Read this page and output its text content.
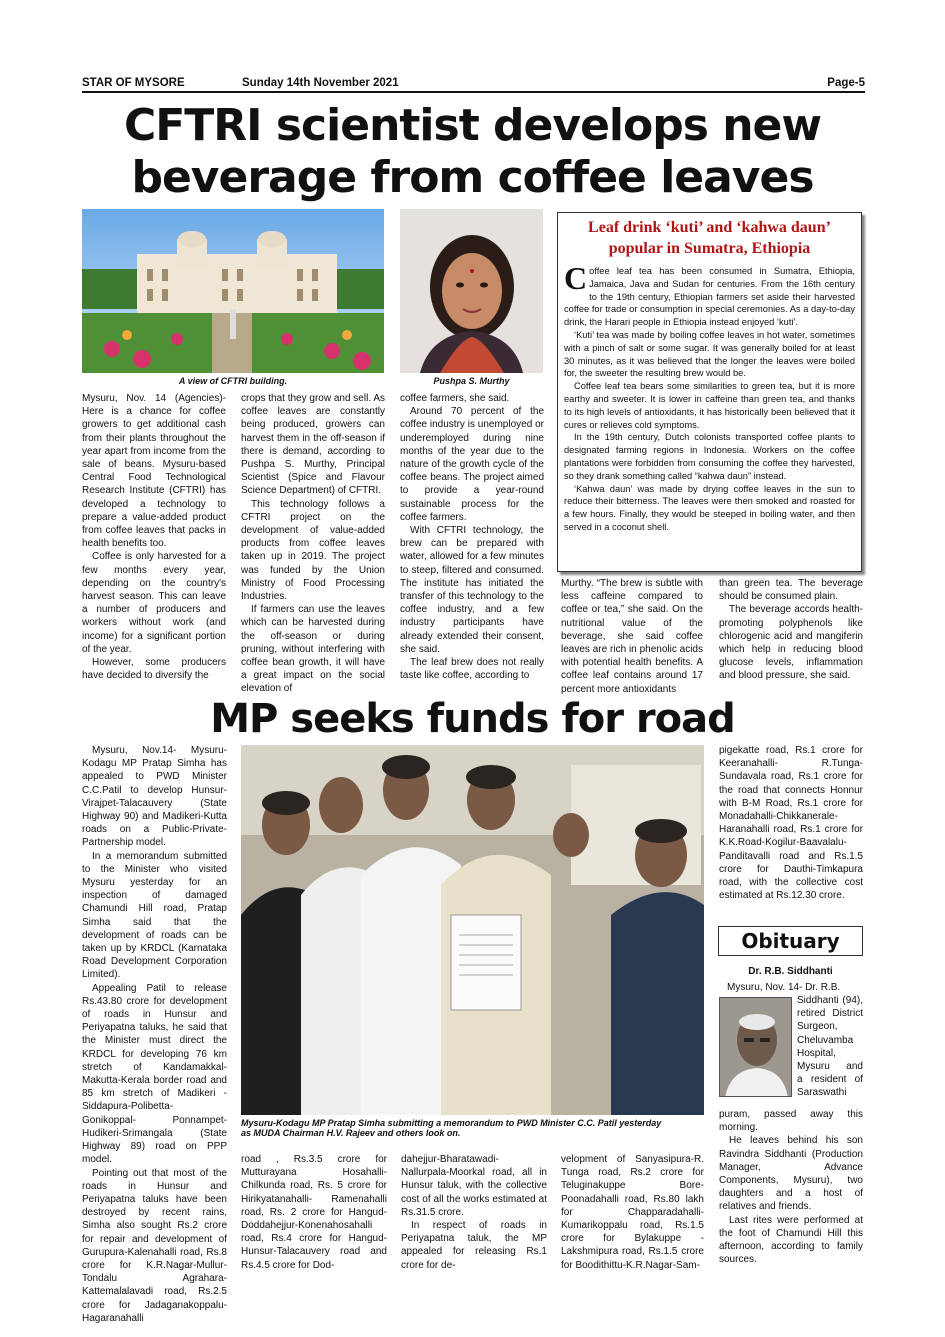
STAR OF MYSORE	Sunday 14th November 2021	Page-5
CFTRI scientist develops new
beverage from coffee leaves
A view of CFTRI building.	Pushpa S. Murthy

Mysuru, Nov. 14 (Agencies)- Here is a chance for coffee growers to get additional cash from their plants throughout the year apart from income from the sale of beans. Mysuru-based Central Food Technological Research Institute (CFTRI) has developed a technology to prepare a value-added product from coffee leaves that packs in health benefits too.

Coffee is only harvested for a few months every year, depending on the country's harvest season. This can leave a number of producers and workers without work (and income) for a significant portion of the year.

However, some producers have decided to diversify the

crops that they grow and sell. As coffee leaves are constantly being produced, growers can harvest them in the off-season if there is demand, according to Pushpa S. Murthy, Principal Scientist (Spice and Flavour Science Department) of CFTRI.

This technology follows a CFTRI project on the development of value-added products from coffee leaves taken up in 2019. The project was funded by the Union Ministry of Food Processing Industries.

If farmers can use the leaves which can be harvested during the off-season or during pruning, without interfering with coffee bean growth, it will have a great impact on the social elevation of

coffee farmers, she said.

Around 70 percent of the coffee industry is unemployed or underemployed during nine months of the year due to the nature of the growth cycle of the coffee beans. The project aimed to provide a year-round sustainable process for the coffee farmers.

With CFTRI technology, the brew can be prepared with water, allowed for a few minutes to steep, filtered and consumed. The institute has initiated the transfer of this technology to the coffee industry, and a few industry participants have already extended their consent, she said.

The leaf brew does not really taste like coffee, according to

Murthy. “The brew is subtle with less caffeine compared to coffee or tea,” she said. On the nutritional value of the beverage, she said coffee leaves are rich in phenolic acids with potential health benefits. A coffee leaf contains around 17 percent more antioxidants

than green tea. The beverage should be consumed plain.

The beverage accords health-promoting polyphenols like chlorogenic acid and mangiferin which help in reducing blood glucose levels, inflammation and blood pressure, she said.

Leaf drink ‘kuti’ and ‘kahwa daun’
popular in Sumatra, Ethiopia

Coffee leaf tea has been consumed in Sumatra, Ethiopia, Jamaica, Java and Sudan for centuries. From the 16th century to the 19th century, Ethiopian farmers set aside their harvested coffee for trade or consumption in special ceremonies. As a day-to-day drink, the Harari people in Ethiopia instead enjoyed ‘kuti’.

‘Kuti’ tea was made by boiling coffee leaves in hot water, sometimes with a pinch of salt or some sugar. It was generally boiled for at least 30 minutes, as it was believed that the longer the leaves were boiled for, the sweeter the resulting brew would be.

Coffee leaf tea bears some similarities to green tea, but it is more earthy and sweeter. It is lower in caffeine than green tea, and thanks to its high levels of antioxidants, it has historically been believed that it cures or relieves cold symptoms.

In the 19th century, Dutch colonists transported coffee plants to designated farming regions in Indonesia. Workers on the coffee plantations were forbidden from consuming the coffee they harvested, so they drank something called “kahwa daun” instead.

‘Kahwa daun’ was made by drying coffee leaves in the sun to reduce their bitterness. The leaves were then smoked and roasted for a few hours. Finally, they would be steeped in boiling water, and then served in a coconut shell.

MP seeks funds for road

Mysuru, Nov.14- Mysuru-Kodagu MP Pratap Simha has appealed to PWD Minister C.C.Patil to develop Hunsur-Virajpet-Talacauvery (State Highway 90) and Madikeri-Kutta roads on a Public-Private-Partnership model.

In a memorandum submitted to the Minister who visited Mysuru yesterday for an inspection of damaged Chamundi Hill road, Pratap Simha said that the development of roads can be taken up by KRDCL (Karnataka Road Development Corporation Limited).

Appealing Patil to release Rs.43.80 crore for development of roads in Hunsur and Periyapatna taluks, he said that the Minister must direct the KRDCL for developing 76 km stretch of Kandamakkal-Makutta-Kerala border road and 85 km stretch of Madikeri - Siddapura-Polibetta-Gonikoppal- Ponnampet- Hudikeri-Srimangala (State Highway 89) road on PPP model.

Pointing out that most of the roads in Hunsur and Periyapatna taluks have been destroyed by recent rains, Simha also sought Rs.2 crore for repair and development of Gurupura-Kalenahalli road, Rs.8 crore for K.R.Nagar-Mullur-Tondalu Agrahara-Kattemalalavadi road, Rs.2.5 crore for Jadaganakoppalu-Hagaranahalli

Mysuru-Kodagu MP Pratap Simha submitting a memorandum to PWD Minister C.C. Patil yesterday
as MUDA Chairman H.V. Rajeev and others look on.

road , Rs.3.5 crore for Mutturayana Hosahalli-Chilkunda road, Rs. 5 crore for Hirikyatanahalli- Ramenahalli road, Rs. 2 crore for Hangud-Doddahejjur-Konenahosahalli road, Rs.4 crore for Hangud- Hunsur-Talacauvery road and Rs.4.5 crore for Dod-

dahejjur-Bharatawadi-Nallurpala-Moorkal road, all in Hunsur taluk, with the collective cost of all the works estimated at Rs.31.5 crore.

In respect of roads in Periyapatna taluk, the MP appealed for releasing Rs.1 crore for de-

velopment of Sanyasipura-R. Tunga road, Rs.2 crore for Teluginakuppe Bore-Poonadahalli road, Rs.80 lakh for Chapparadahalli-Kumarikoppalu road, Rs.1.5 crore for Bylakuppe - Lakshmipura road, Rs.1.5 crore for Boodithittu-K.R.Nagar-Sam-

pigekatte road, Rs.1 crore for Keeranahalli- R.Tunga-Sundavala road, Rs.1 crore for the road that connects Honnur with B-M Road, Rs.1 crore for Monadahalli-Chikkanerale-Haranahalli road, Rs.1 crore for K.K.Road-Kogilur-Baavalalu-Panditavalli road and Rs.1.5 crore for Dauthi-Timkapura road, with the collective cost estimated at Rs.12.30 crore.

Obituary
Dr. R.B. Siddhanti

Mysuru, Nov. 14- Dr. R.B.

Siddhanti (94),
retired District
Surgeon,
Cheluvamba
Hospital,
Mysuru and
a resident of
Saraswathi

puram, passed away this morning.

He leaves behind his son Ravindra Siddhanti (Production Manager, Advance Components, Mysuru), two daughters and a host of relatives and friends.

Last rites were performed at the foot of Chamundi Hill this afternoon, according to family sources.
